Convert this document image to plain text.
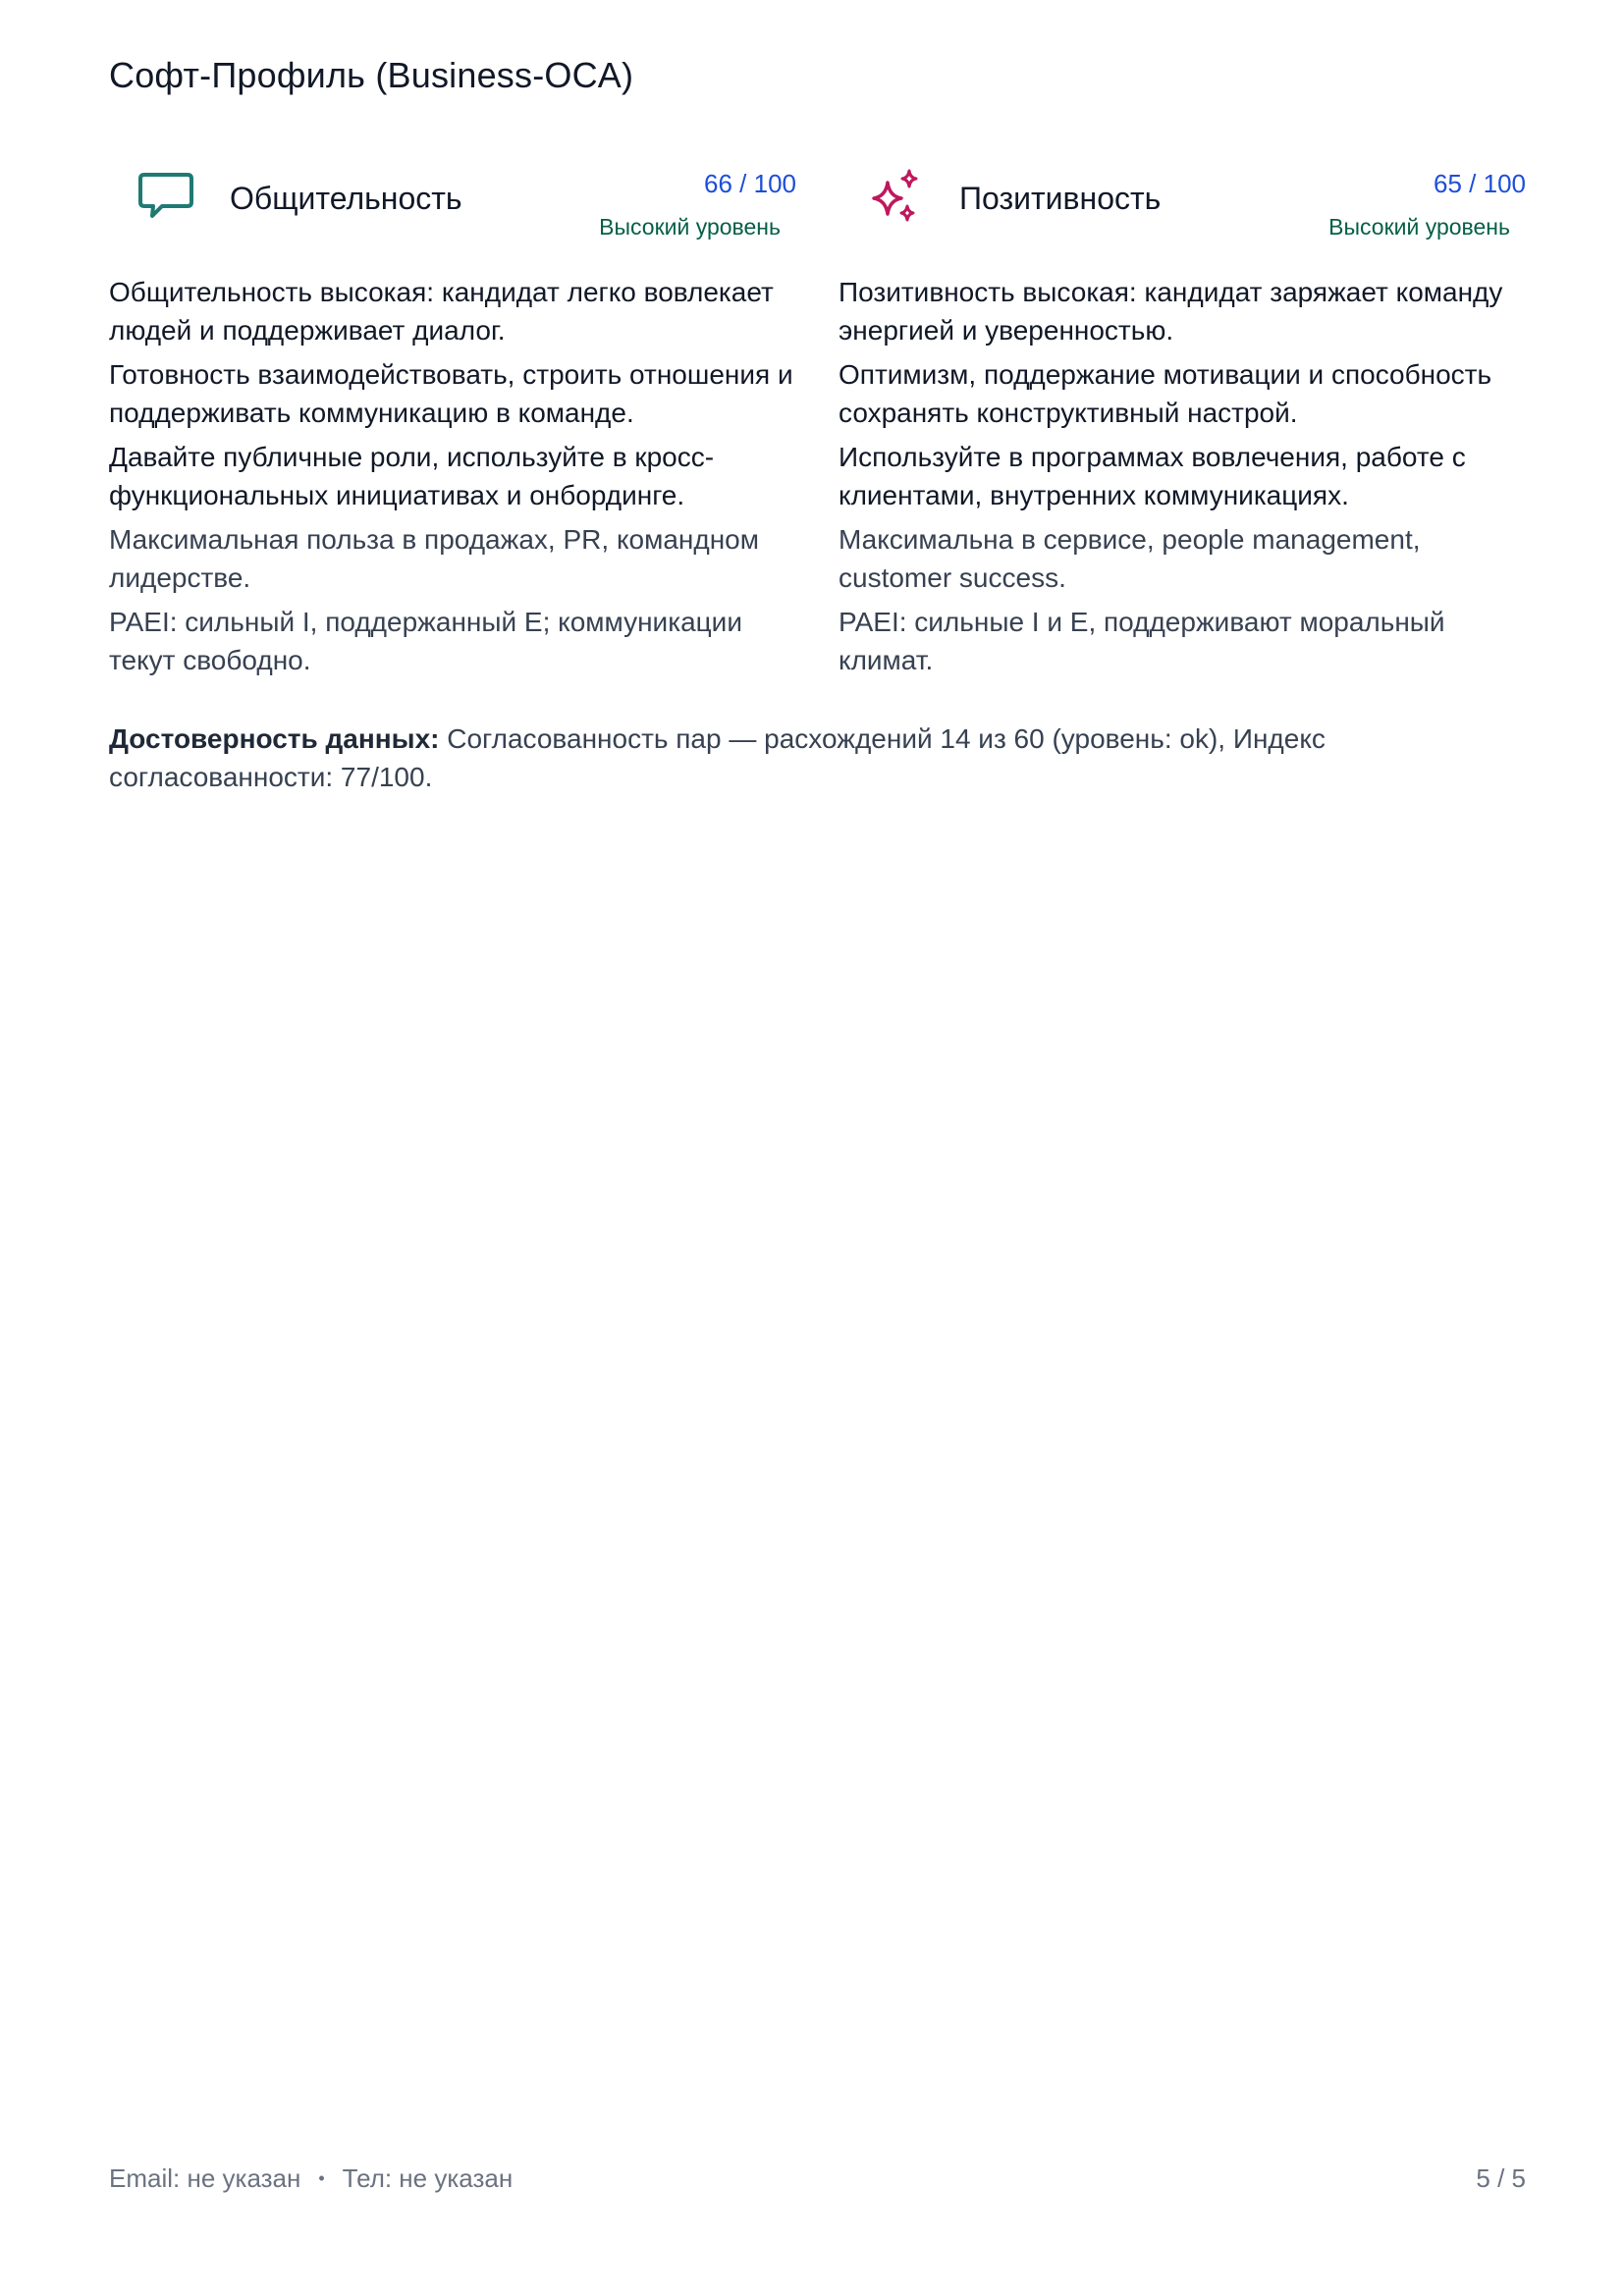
Софт-Профиль (Business-OCA)
Общительность	66 / 100
Высокий уровень
Общительность высокая: кандидат легко вовлекает людей и поддерживает диалог.
Готовность взаимодействовать, строить отношения и поддерживать коммуникацию в команде.
Давайте публичные роли, используйте в кросс-функциональных инициативах и онбординге.
Максимальная польза в продажах, PR, командном лидерстве.
PAEI: сильный I, поддержанный E; коммуникации текут свободно.
Позитивность	65 / 100
Высокий уровень
Позитивность высокая: кандидат заряжает команду энергией и уверенностью.
Оптимизм, поддержание мотивации и способность сохранять конструктивный настрой.
Используйте в программах вовлечения, работе с клиентами, внутренних коммуникациях.
Максимальна в сервисе, people management, customer success.
PAEI: сильные I и E, поддерживают моральный климат.
Достоверность данных: Согласованность пар — расхождений 14 из 60 (уровень: ok), Индекс согласованности: 77/100.
Email: не указан • Тел: не указан	5 / 5
